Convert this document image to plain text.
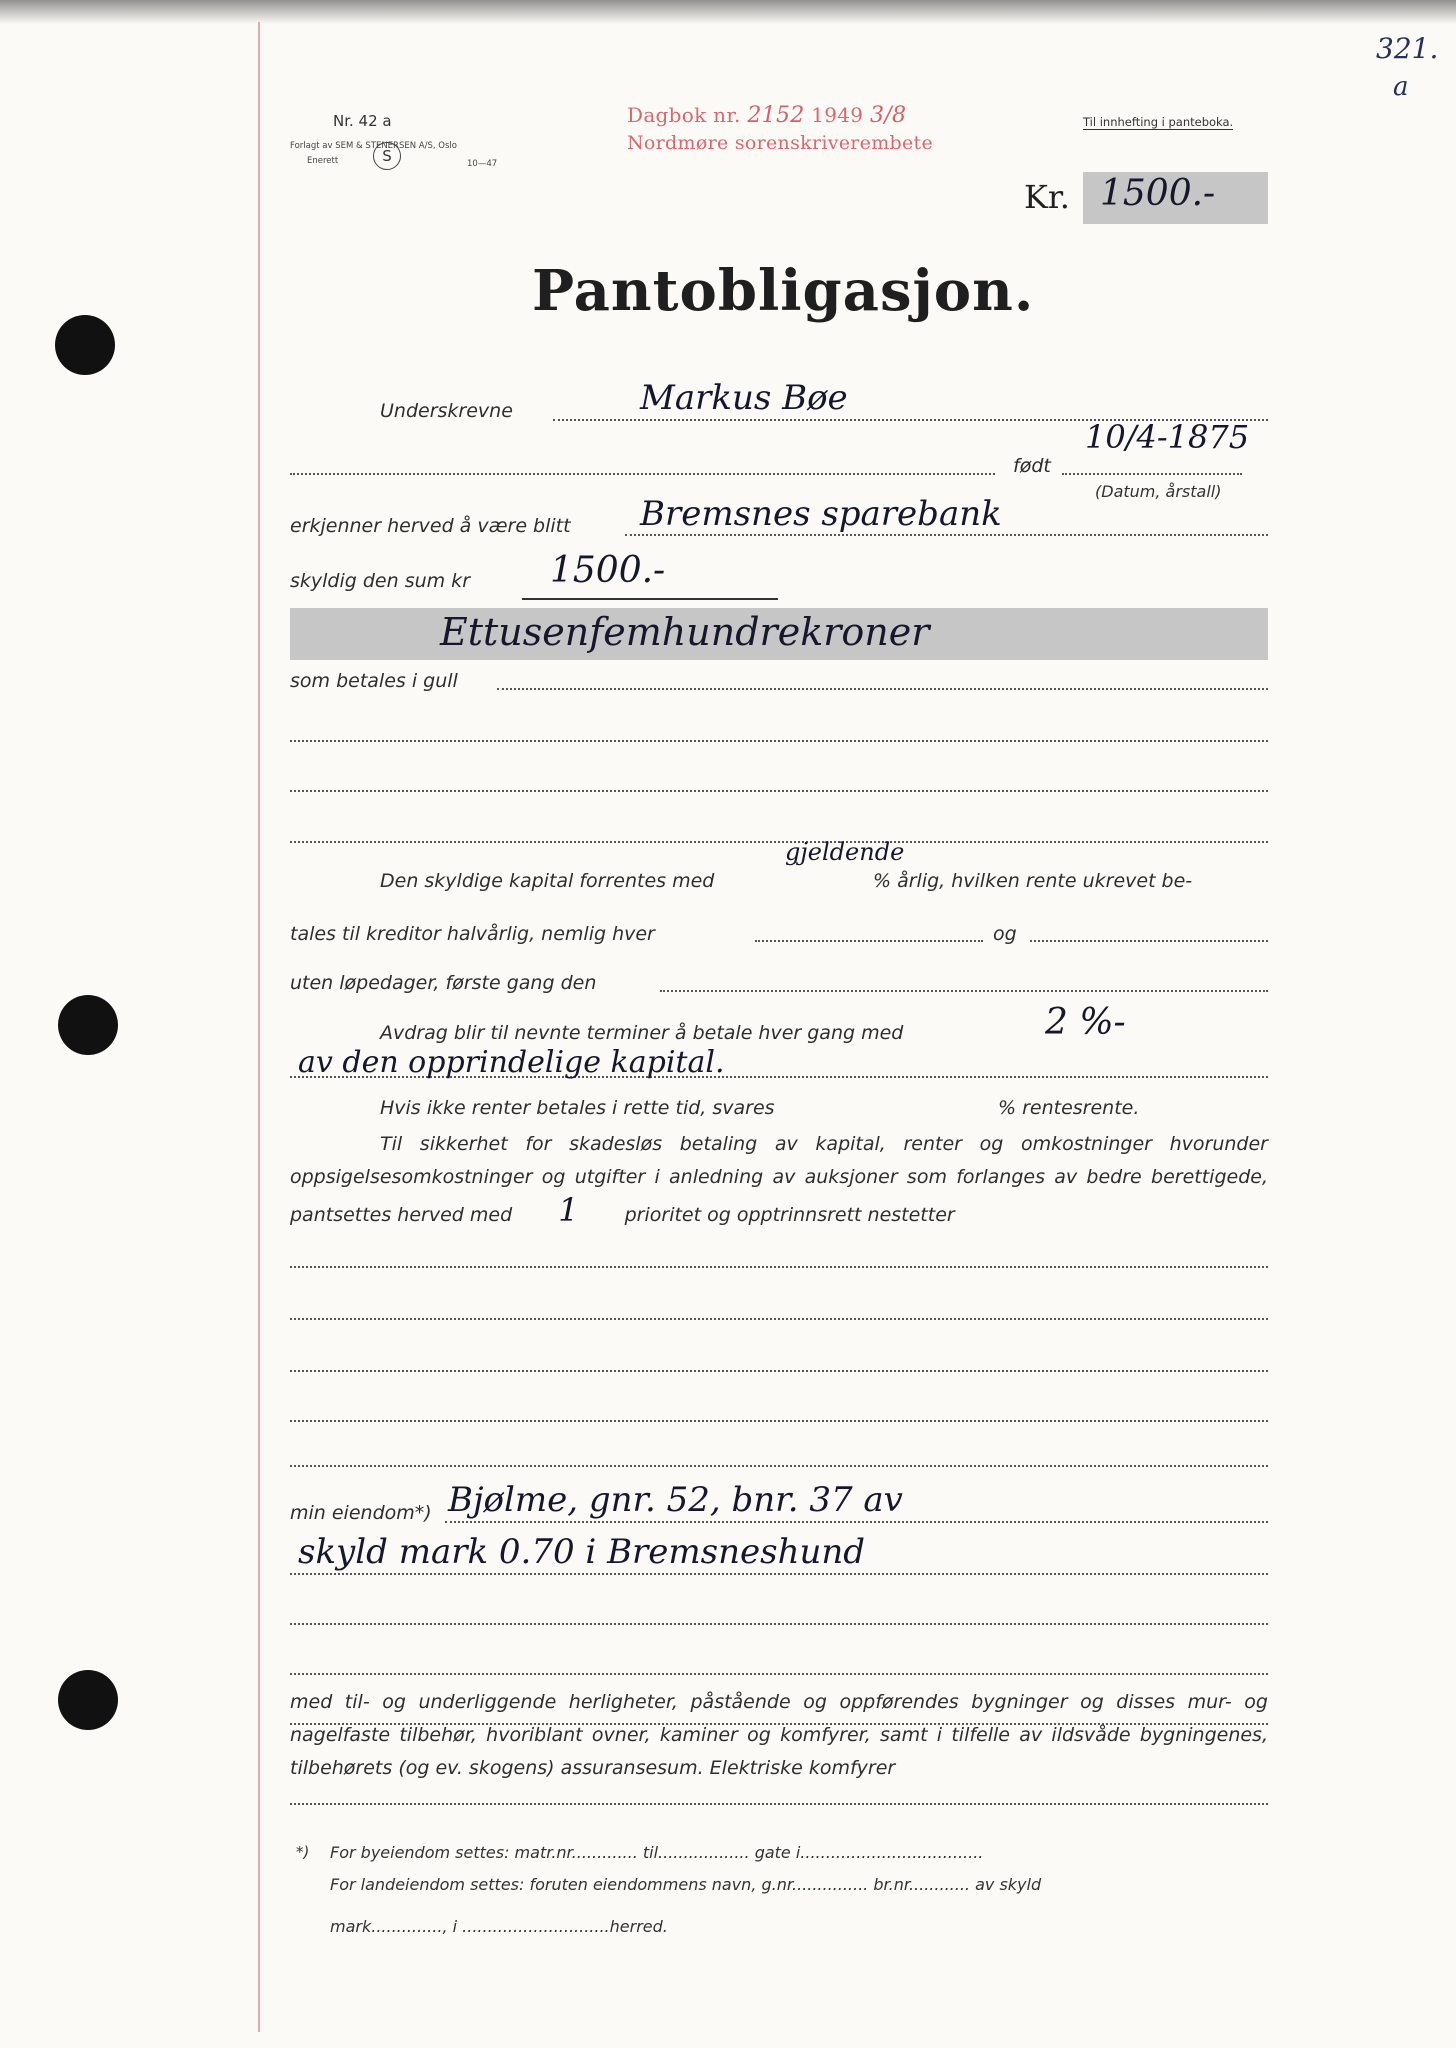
Nr. 42 a
Forlagt av SEM & STENERSEN A/S, Oslo
Enerett	S	10—47
Dagbok nr. 2152 1949 3/8
Nordmøre sorenskriverembete
Til innhefting i panteboka.
321.
a
Kr. 1500.-
Pantobligasjon.
Underskrevne	Markus Bøe
født
10/4-1875
(Datum, årstall)
erkjenner herved å være blitt Bremsnes sparebank
skyldig den sum kr 1500.-
Ettusenfemhundrekroner
som betales i gull
Den skyldige kapital forrentes med
gjeldende
% årlig, hvilken rente ukrevet be-
tales til kreditor halvårlig, nemlig hver	og
uten løpedager, første gang den
Avdrag blir til nevnte terminer å betale hver gang med	2 %-
av den opprindelige kapital.
Hvis ikke renter betales i rette tid, svares	% rentesrente.
Til sikkerhet for skadesløs betaling av kapital, renter og omkostninger hvorunder oppsigelsesomkostninger og utgifter i anledning av auksjoner som forlanges av bedre berettigede, pantsettes herved med 1 prioritet og opptrinnsrett nestetter
min eiendom*) Bjølme, gnr. 52, bnr. 37 av
skyld mark 0.70 i Bremsneshund
med til- og underliggende herligheter, påstående og oppførendes bygninger og disses mur- og nagelfaste tilbehør, hvoriblant ovner, kaminer og komfyrer, samt i tilfelle av ildsvåde bygningenes, tilbehørets (og ev. skogens) assuransesum. Elektriske komfyrer
*) For byeiendom settes: matr.nr............. til.................. gate i....................................
For landeiendom settes: foruten eiendommens navn, g.nr............... br.nr............ av skyld
mark.............., i .............................herred.
